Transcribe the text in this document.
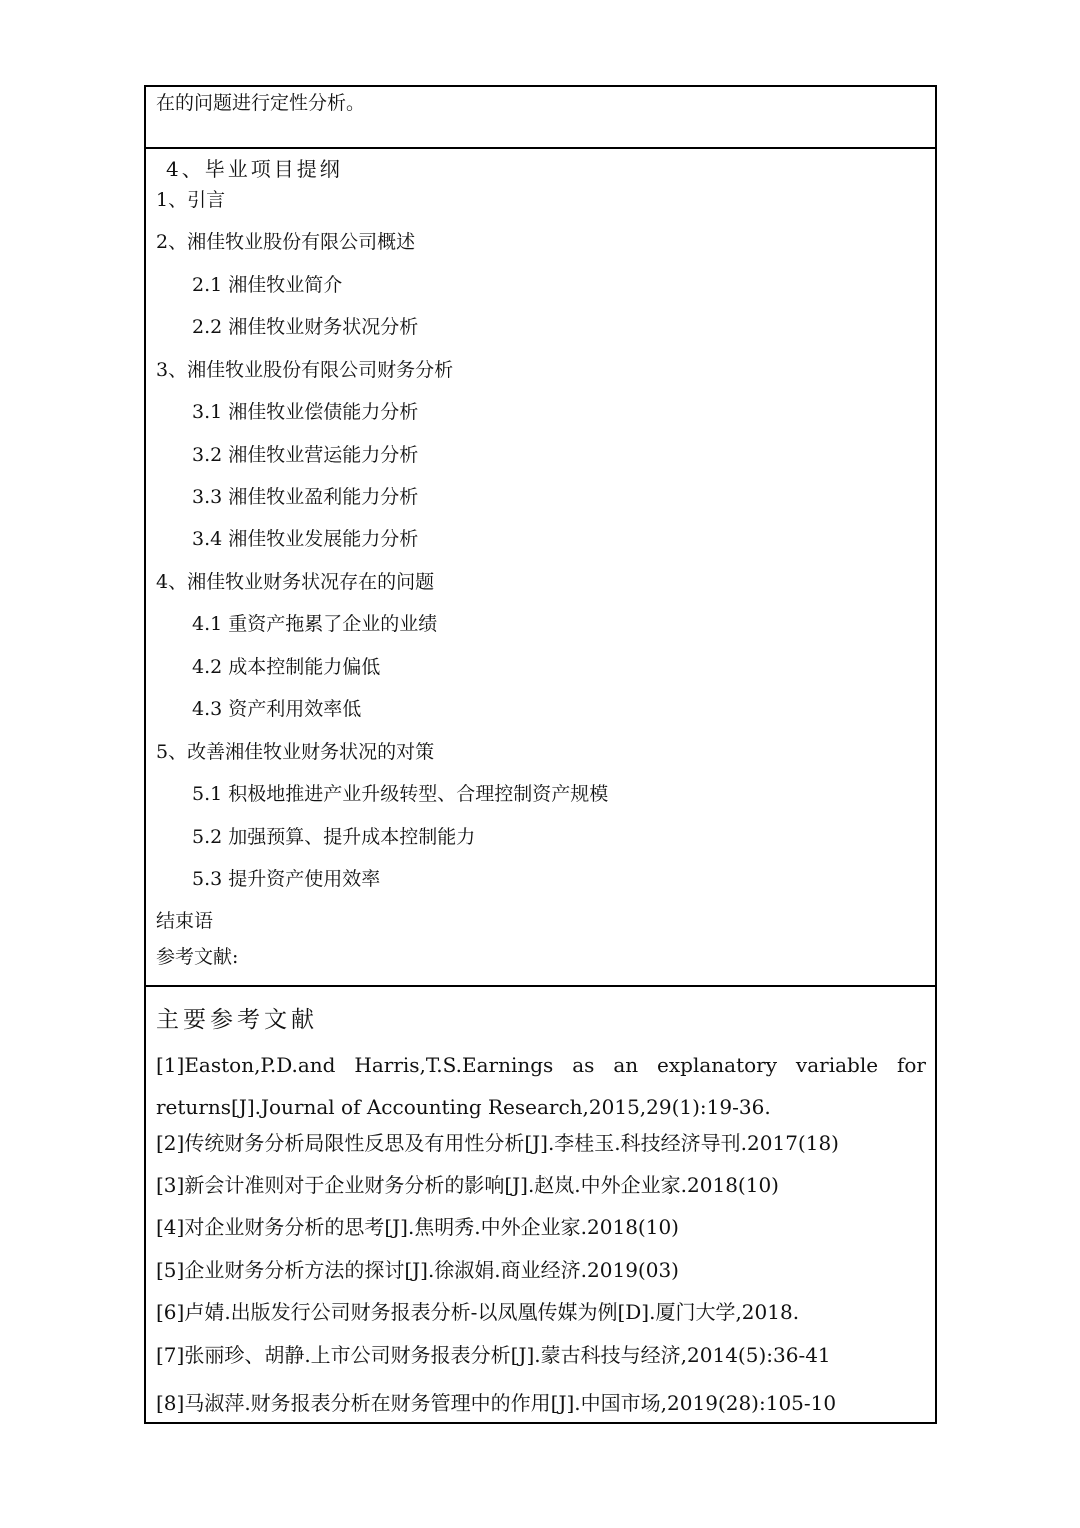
在的问题进行定性分析。
4、毕业项目提纲
1、引言
2、湘佳牧业股份有限公司概述
2.1 湘佳牧业简介
2.2 湘佳牧业财务状况分析
3、湘佳牧业股份有限公司财务分析
3.1 湘佳牧业偿债能力分析
3.2 湘佳牧业营运能力分析
3.3 湘佳牧业盈利能力分析
3.4 湘佳牧业发展能力分析
4、湘佳牧业财务状况存在的问题
4.1 重资产拖累了企业的业绩
4.2 成本控制能力偏低
4.3 资产利用效率低
5、改善湘佳牧业财务状况的对策
5.1 积极地推进产业升级转型、合理控制资产规模
5.2 加强预算、提升成本控制能力
5.3 提升资产使用效率
结束语
参考文献:
主要参考文献
[1]Easton,P.D.and Harris,T.S.Earnings as an explanatory variable for
returns[J].Journal of Accounting Research,2015,29(1):19-36.
[2]传统财务分析局限性反思及有用性分析[J].李桂玉.科技经济导刊.2017(18)
[3]新会计准则对于企业财务分析的影响[J].赵岚.中外企业家.2018(10)
[4]对企业财务分析的思考[J].焦明秀.中外企业家.2018(10)
[5]企业财务分析方法的探讨[J].徐淑娟.商业经济.2019(03)
[6]卢婧.出版发行公司财务报表分析-以凤凰传媒为例[D].厦门大学,2018.
[7]张丽珍、胡静.上市公司财务报表分析[J].蒙古科技与经济,2014(5):36-41
[8]马淑萍.财务报表分析在财务管理中的作用[J].中国市场,2019(28):105-10
